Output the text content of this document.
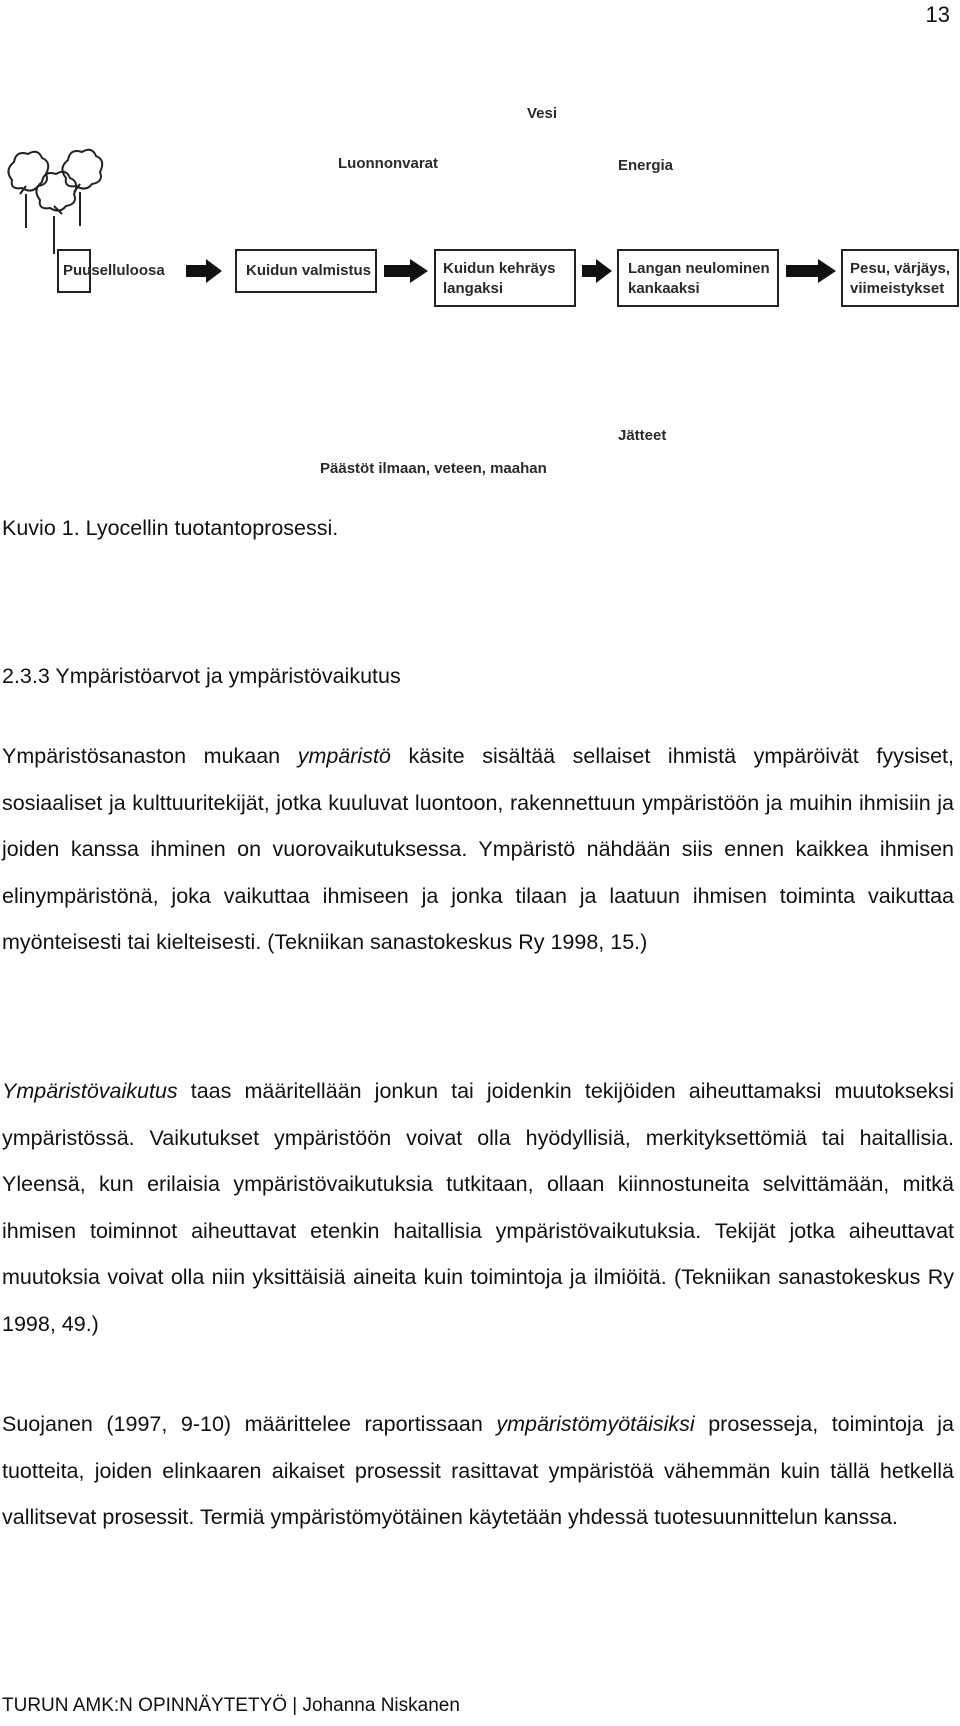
13
Vesi
Luonnonvarat	Energia
Puuselluloosa	Kuidun valmistus	Kuidun kehräys
langaksi
Langan neulominen
kankaaksi
Pesu, värjäys,
viimeistykset
Jätteet
Päästöt ilmaan, veteen, maahan
Kuvio 1. Lyocellin tuotantoprosessi.
2.3.3 Ympäristöarvot ja ympäristövaikutus

Ympäristösanaston mukaan ympäristö käsite sisältää sellaiset ihmistä ympäröivät fyysiset, sosiaaliset ja kulttuuritekijät, jotka kuuluvat luontoon, rakennettuun ympäristöön ja muihin ihmisiin ja joiden kanssa ihminen on vuorovaikutuksessa. Ympäristö nähdään siis ennen kaikkea ihmisen elinympäristönä, joka vaikuttaa ihmiseen ja jonka tilaan ja laatuun ihmisen toiminta vaikuttaa myönteisesti tai kielteisesti. (Tekniikan sanastokeskus Ry 1998, 15.)

Ympäristövaikutus taas määritellään jonkun tai joidenkin tekijöiden aiheuttamaksi muutokseksi ympäristössä. Vaikutukset ympäristöön voivat olla hyödyllisiä, merkityksettömiä tai haitallisia. Yleensä, kun erilaisia ympäristövaikutuksia tutkitaan, ollaan kiinnostuneita selvittämään, mitkä ihmisen toiminnot aiheuttavat etenkin haitallisia ympäristövaikutuksia. Tekijät jotka aiheuttavat muutoksia voivat olla niin yksittäisiä aineita kuin toimintoja ja ilmiöitä. (Tekniikan sanastokeskus Ry 1998, 49.)

Suojanen (1997, 9-10) määrittelee raportissaan ympäristömyötäisiksi prosesseja, toimintoja ja tuotteita, joiden elinkaaren aikaiset prosessit rasittavat ympäristöä vähemmän kuin tällä hetkellä vallitsevat prosessit. Termiä ympäristömyötäinen käytetään yhdessä tuotesuunnittelun kanssa.

TURUN AMK:N OPINNÄYTETYÖ | Johanna Niskanen
